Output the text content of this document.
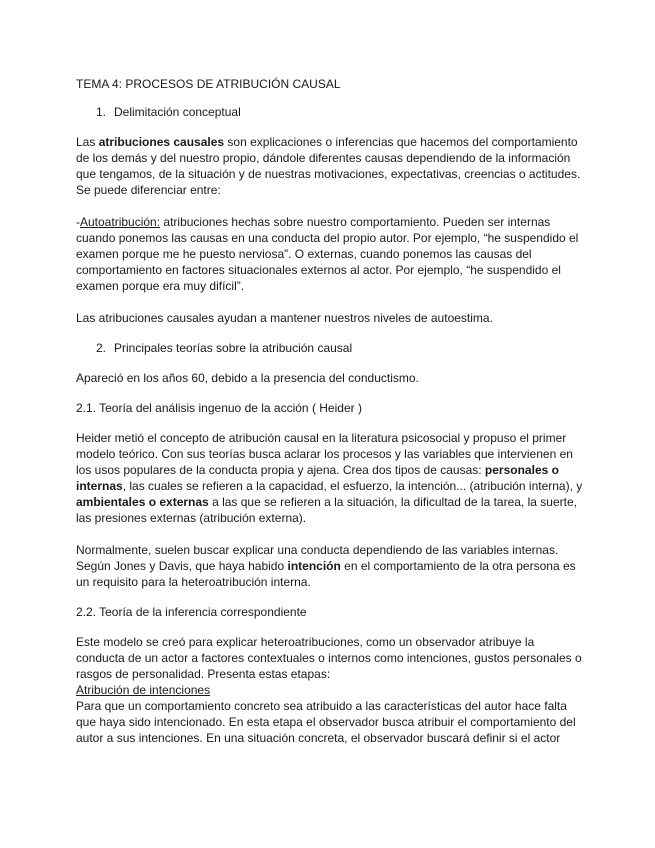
TEMA 4: PROCESOS DE ATRIBUCIÓN CAUSAL

1. Delimitación conceptual

Las atribuciones causales son explicaciones o inferencias que hacemos del comportamiento de los demás y del nuestro propio, dándole diferentes causas dependiendo de la información que tengamos, de la situación y de nuestras motivaciones, expectativas, creencias o actitudes. Se puede diferenciar entre:

-Autoatribución: atribuciones hechas sobre nuestro comportamiento. Pueden ser internas cuando ponemos las causas en una conducta del propio autor. Por ejemplo, “he suspendido el examen porque me he puesto nerviosa”. O externas, cuando ponemos las causas del comportamiento en factores situacionales externos al actor. Por ejemplo, “he suspendido el examen porque era muy difícil”.

Las atribuciones causales ayudan a mantener nuestros niveles de autoestima.

2. Principales teorías sobre la atribución causal

Apareció en los años 60, debido a la presencia del conductismo.

2.1. Teoría del análisis ingenuo de la acción ( Heider )

Heider metió el concepto de atribución causal en la literatura psicosocial y propuso el primer modelo teórico. Con sus teorías busca aclarar los procesos y las variables que intervienen en los usos populares de la conducta propia y ajena. Crea dos tipos de causas: personales o internas, las cuales se refieren a la capacidad, el esfuerzo, la intención... (atribución interna), y ambientales o externas a las que se refieren a la situación, la dificultad de la tarea, la suerte, las presiones externas (atribución externa).

Normalmente, suelen buscar explicar una conducta dependiendo de las variables internas. Según Jones y Davis, que haya habido intención en el comportamiento de la otra persona es un requisito para la heteroatribución interna.

2.2. Teoría de la inferencia correspondiente

Este modelo se creó para explicar heteroatribuciones, como un observador atribuye la conducta de un actor a factores contextuales o internos como intenciones, gustos personales o rasgos de personalidad. Presenta estas etapas:

Atribución de intenciones

Para que un comportamiento concreto sea atribuido a las características del autor hace falta que haya sido intencionado. En esta etapa el observador busca atribuir el comportamiento del autor a sus intenciones. En una situación concreta, el observador buscará definir si el actor
